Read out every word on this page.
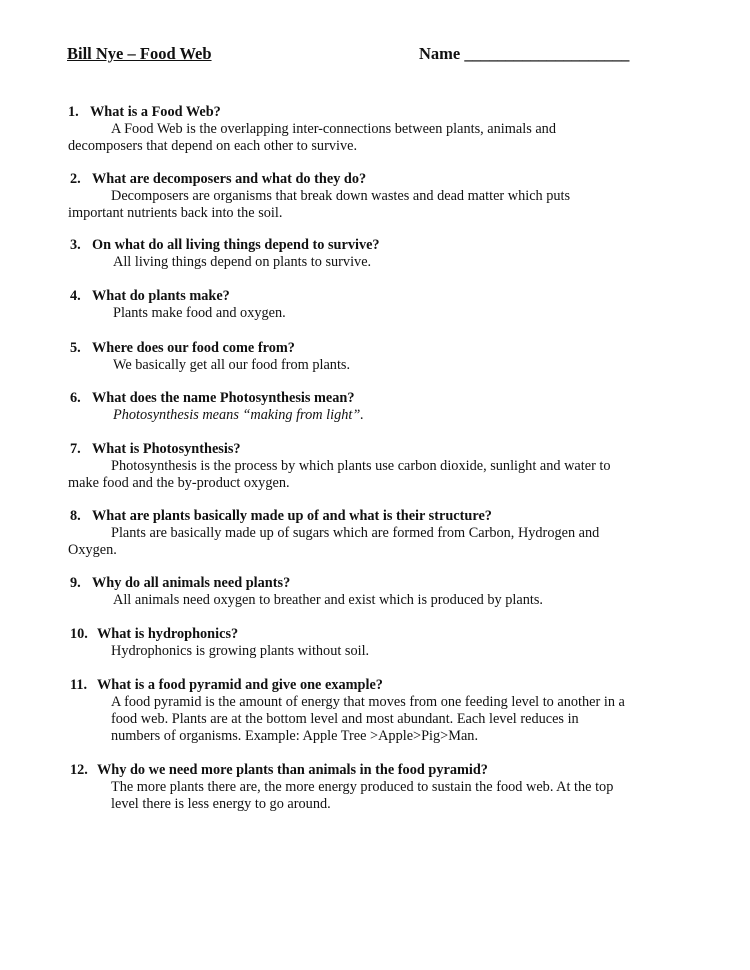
Bill Nye – Food Web	Name ____________________
1. What is a Food Web?
A Food Web is the overlapping inter-connections between plants, animals and
decomposers that depend on each other to survive.
2. What are decomposers and what do they do?
Decomposers are organisms that break down wastes and dead matter which puts
important nutrients back into the soil.
3. On what do all living things depend to survive?
All living things depend on plants to survive.
4. What do plants make?
Plants make food and oxygen.
5. Where does our food come from?
We basically get all our food from plants.
6. What does the name Photosynthesis mean?
Photosynthesis means “making from light”.
7. What is Photosynthesis?
Photosynthesis is the process by which plants use carbon dioxide, sunlight and water to
make food and the by-product oxygen.
8. What are plants basically made up of and what is their structure?
Plants are basically made up of sugars which are formed from Carbon, Hydrogen and
Oxygen.
9. Why do all animals need plants?
All animals need oxygen to breather and exist which is produced by plants.
10. What is hydrophonics?
Hydrophonics is growing plants without soil.
11. What is a food pyramid and give one example?
A food pyramid is the amount of energy that moves from one feeding level to another in a
food web. Plants are at the bottom level and most abundant. Each level reduces in
numbers of organisms. Example: Apple Tree >Apple>Pig>Man.
12. Why do we need more plants than animals in the food pyramid?
The more plants there are, the more energy produced to sustain the food web. At the top
level there is less energy to go around.
